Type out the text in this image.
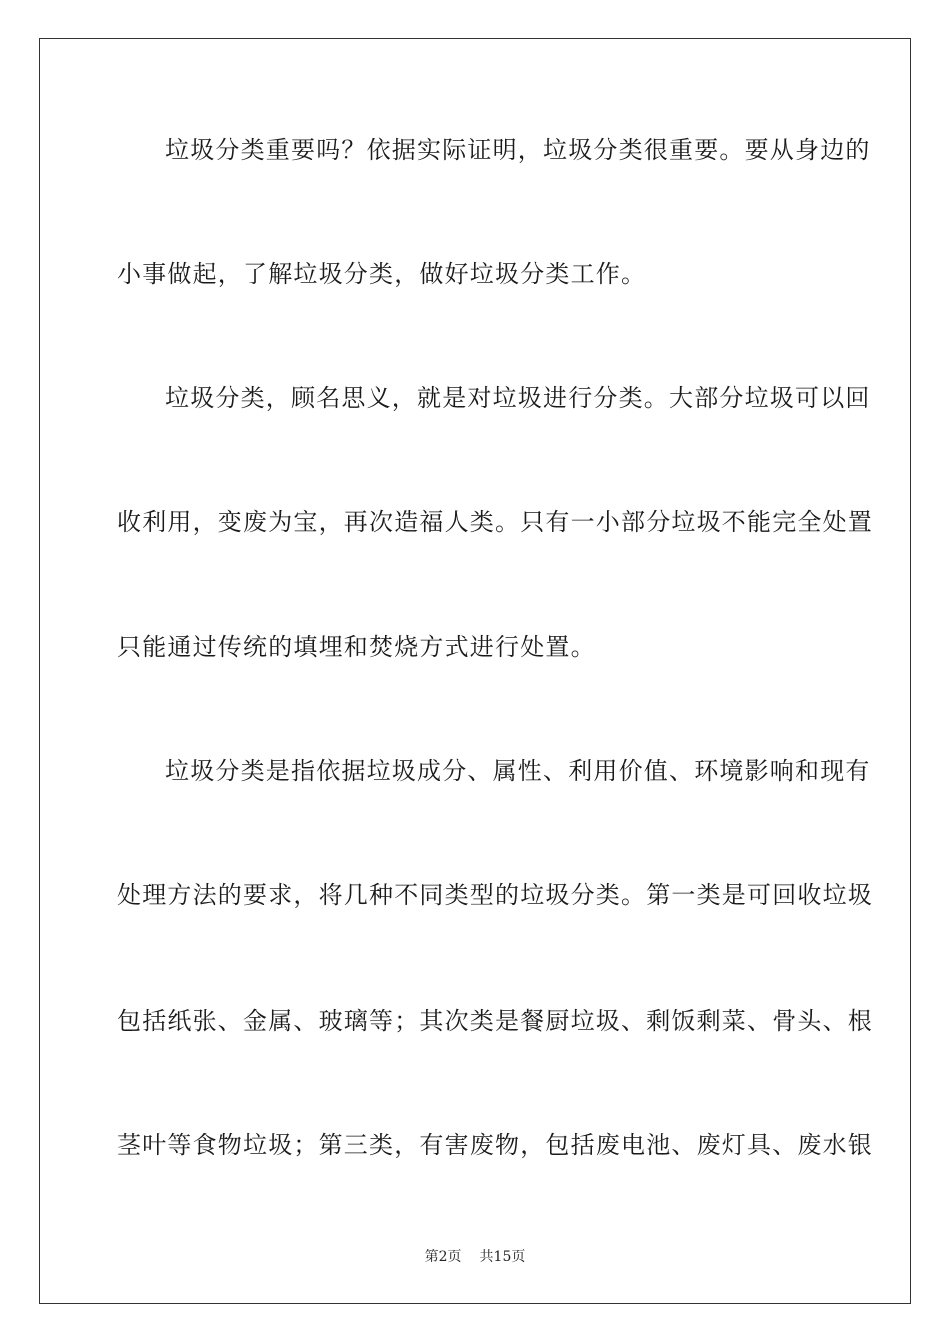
垃圾分类重要吗？依据实际证明，垃圾分类很重要。要从身边的
小事做起，了解垃圾分类，做好垃圾分类工作。
垃圾分类，顾名思义，就是对垃圾进行分类。大部分垃圾可以回
收利用，变废为宝，再次造福人类。只有一小部分垃圾不能完全处置
只能通过传统的填埋和焚烧方式进行处置。
垃圾分类是指依据垃圾成分、属性、利用价值、环境影响和现有
处理方法的要求，将几种不同类型的垃圾分类。第一类是可回收垃圾
包括纸张、金属、玻璃等；其次类是餐厨垃圾、剩饭剩菜、骨头、根
茎叶等食物垃圾；第三类，有害废物，包括废电池、废灯具、废水银
第2页 共15页
